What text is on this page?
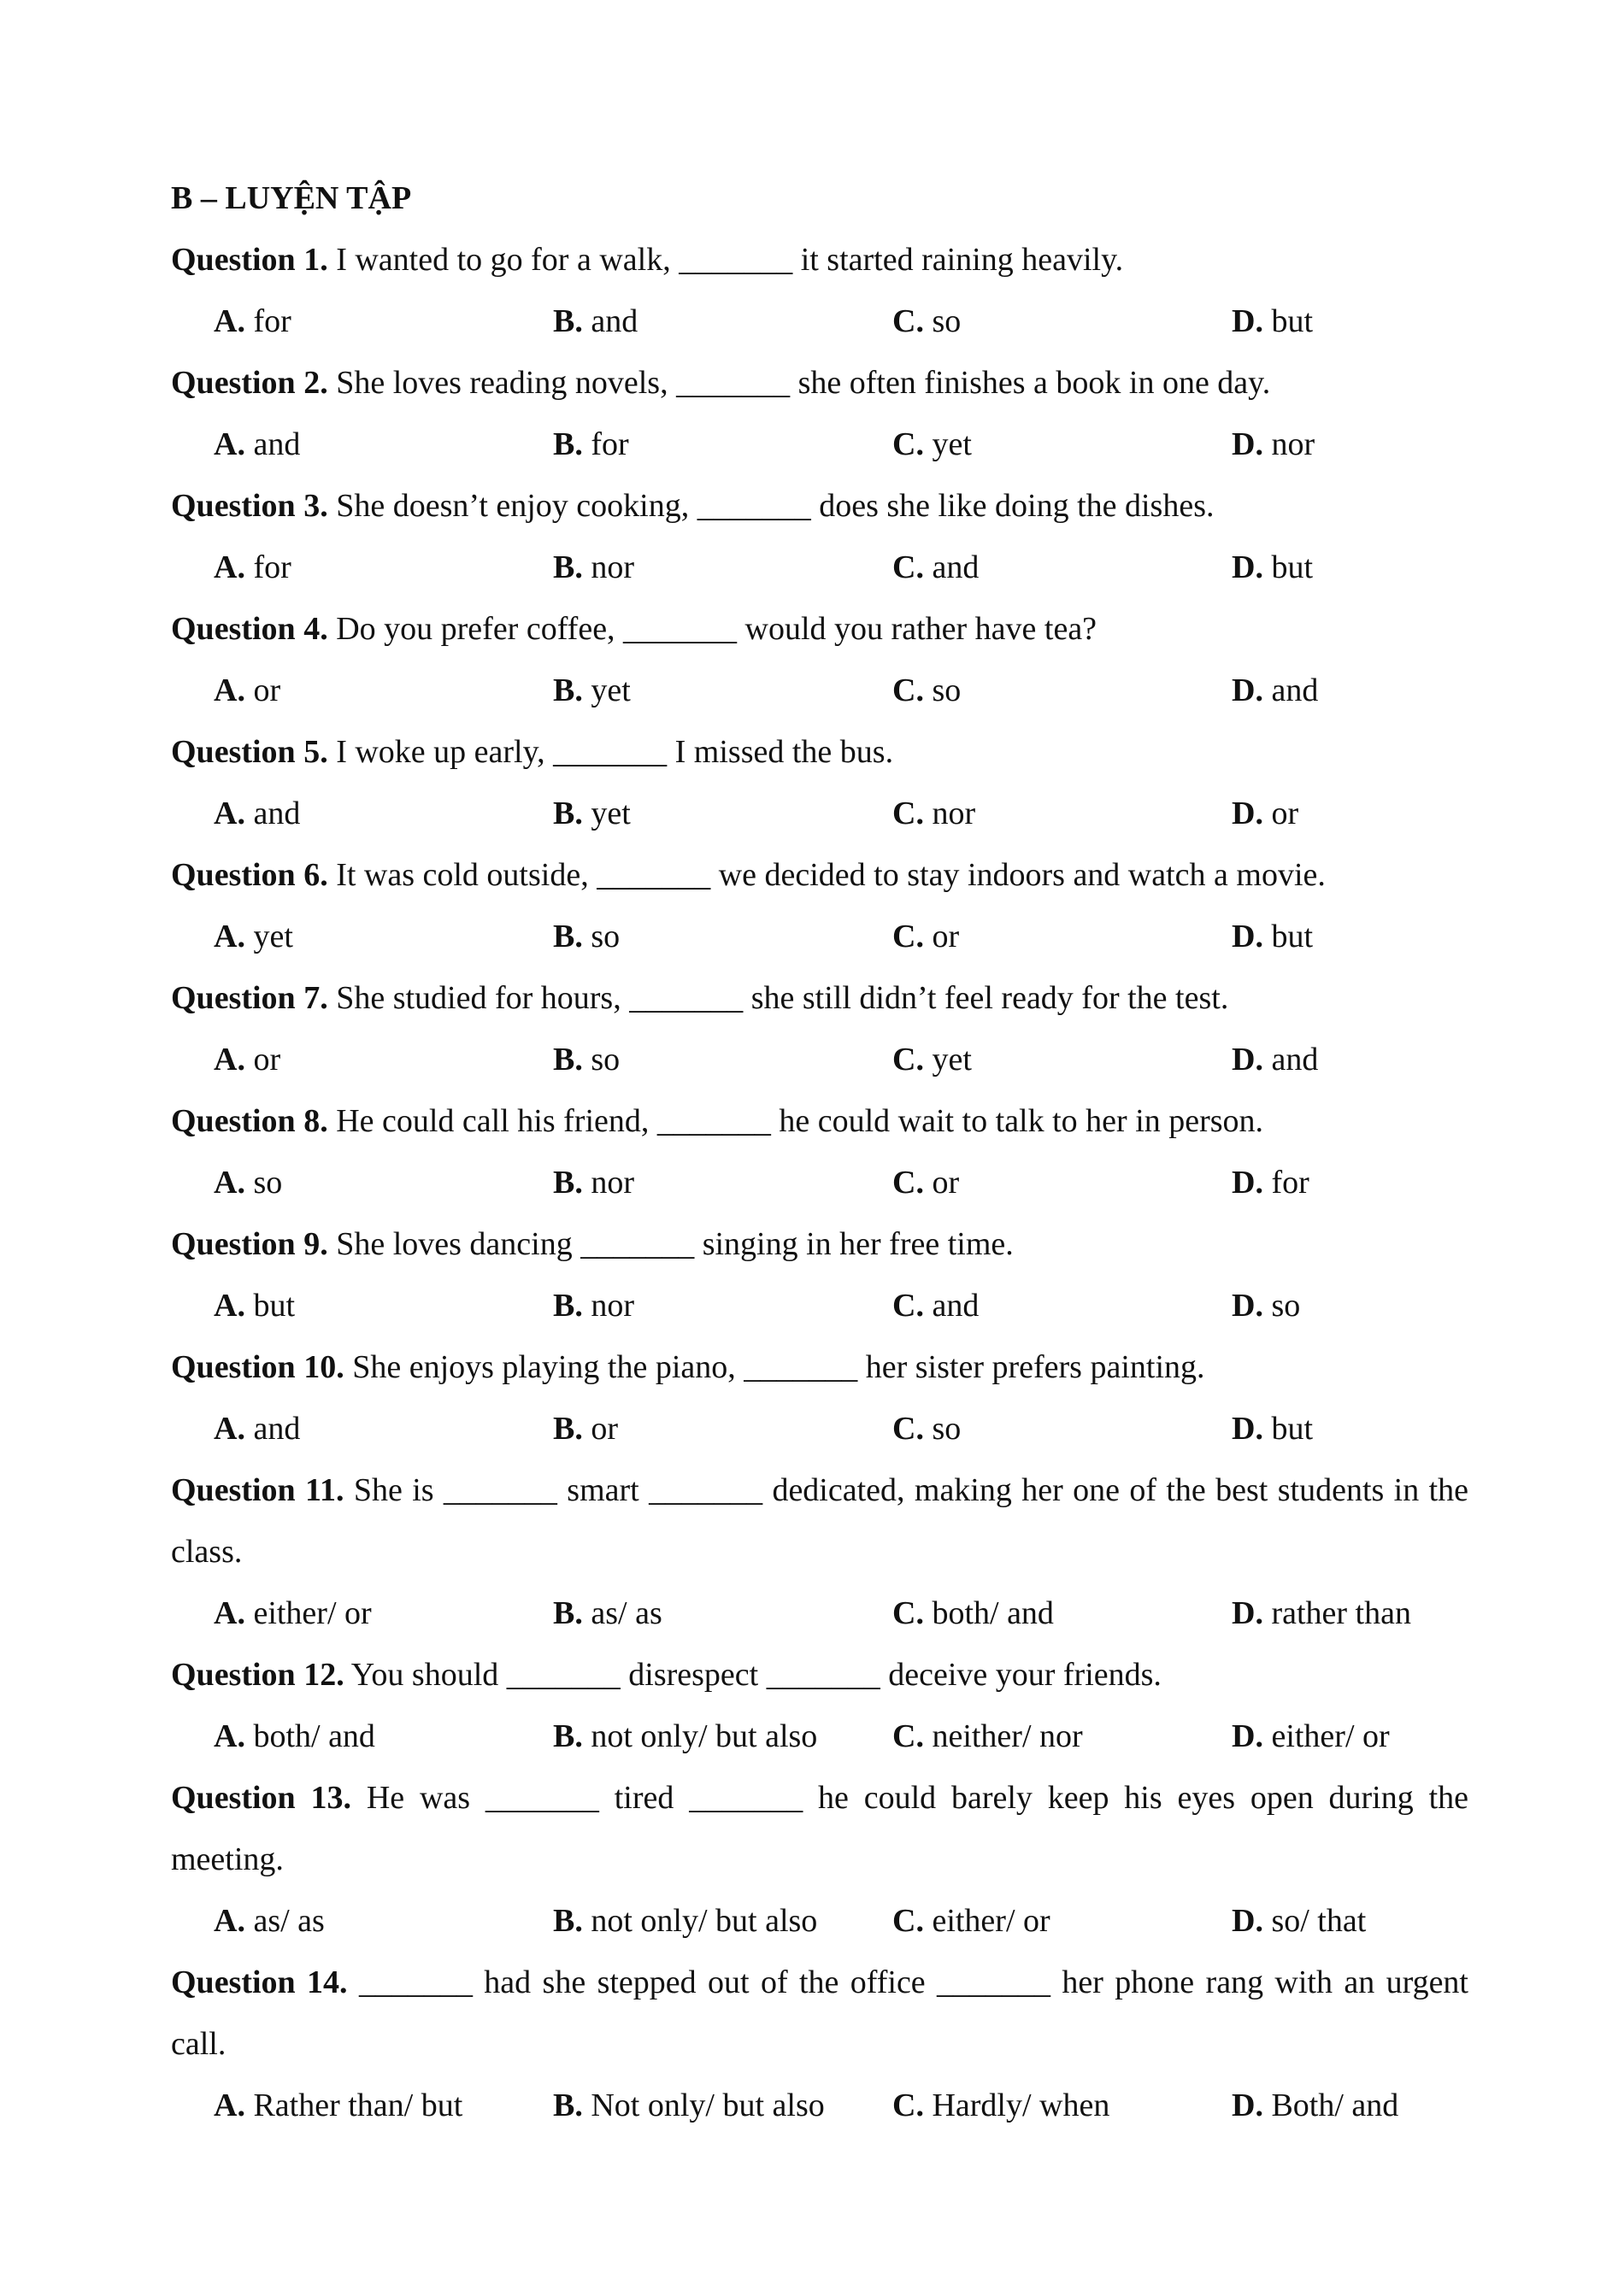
B – LUYỆN TẬP
Question 1. I wanted to go for a walk, _______ it started raining heavily.
A. for	B. and	C. so	D. but
Question 2. She loves reading novels, _______ she often finishes a book in one day.
A. and	B. for	C. yet	D. nor
Question 3. She doesn’t enjoy cooking, _______ does she like doing the dishes.
A. for	B. nor	C. and	D. but
Question 4. Do you prefer coffee, _______ would you rather have tea?
A. or	B. yet	C. so	D. and
Question 5. I woke up early, _______ I missed the bus.
A. and	B. yet	C. nor	D. or
Question 6. It was cold outside, _______ we decided to stay indoors and watch a movie.
A. yet	B. so	C. or	D. but
Question 7. She studied for hours, _______ she still didn’t feel ready for the test.
A. or	B. so	C. yet	D. and
Question 8. He could call his friend, _______ he could wait to talk to her in person.
A. so	B. nor	C. or	D. for
Question 9. She loves dancing _______ singing in her free time.
A. but	B. nor	C. and	D. so
Question 10. She enjoys playing the piano, _______ her sister prefers painting.
A. and	B. or	C. so	D. but
Question 11. She is _______ smart _______ dedicated, making her one of the best students in the class.
A. either/ or	B. as/ as	C. both/ and	D. rather than
Question 12. You should _______ disrespect _______ deceive your friends.
A. both/ and	B. not only/ but also	C. neither/ nor	D. either/ or
Question 13. He was _______ tired _______ he could barely keep his eyes open during the meeting.
A. as/ as	B. not only/ but also	C. either/ or	D. so/ that
Question 14. _______ had she stepped out of the office _______ her phone rang with an urgent call.
A. Rather than/ but	B. Not only/ but also	C. Hardly/ when	D. Both/ and
